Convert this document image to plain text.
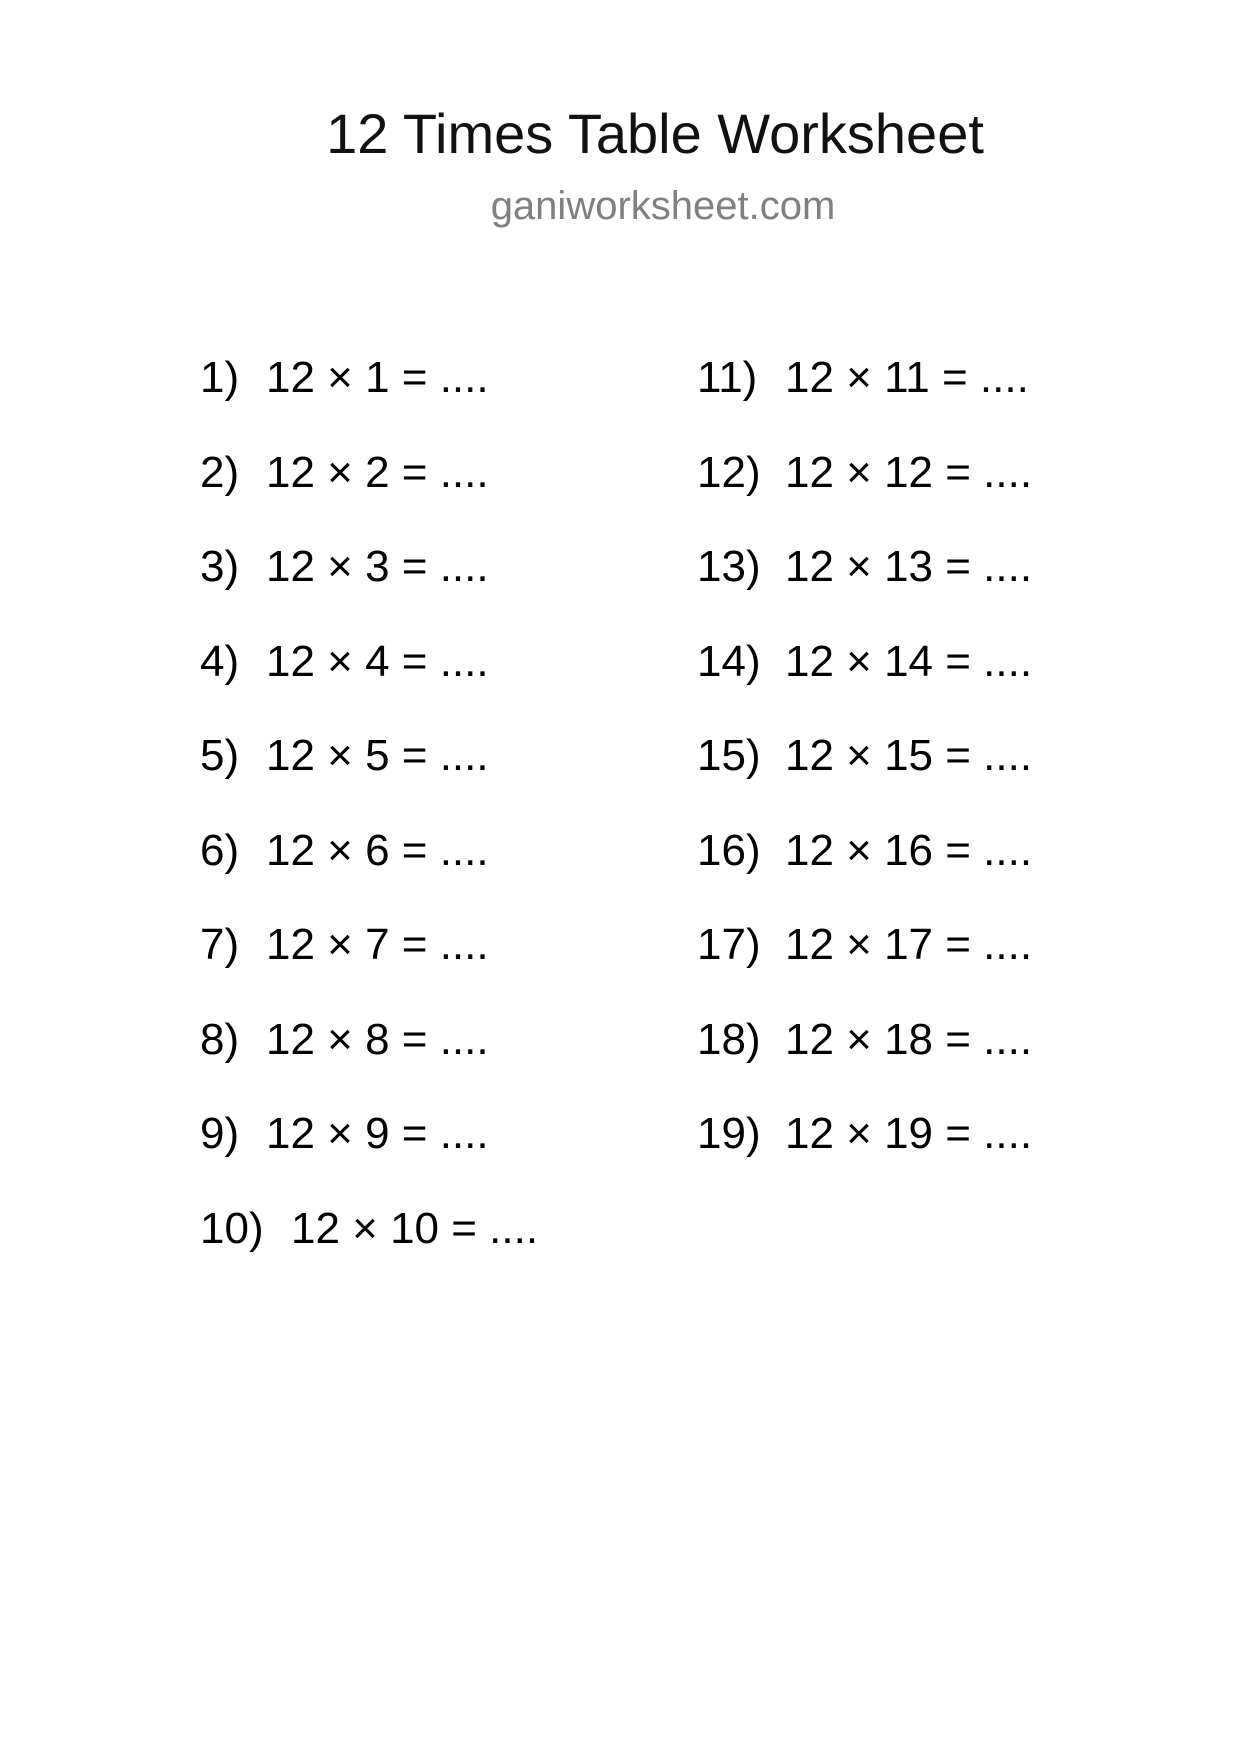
12 Times Table Worksheet
ganiworksheet.com
1) 12 × 1 = ....
2) 12 × 2 = ....
3) 12 × 3 = ....
4) 12 × 4 = ....
5) 12 × 5 = ....
6) 12 × 6 = ....
7) 12 × 7 = ....
8) 12 × 8 = ....
9) 12 × 9 = ....
10) 12 × 10 = ....
11) 12 × 11 = ....
12) 12 × 12 = ....
13) 12 × 13 = ....
14) 12 × 14 = ....
15) 12 × 15 = ....
16) 12 × 16 = ....
17) 12 × 17 = ....
18) 12 × 18 = ....
19) 12 × 19 = ....
